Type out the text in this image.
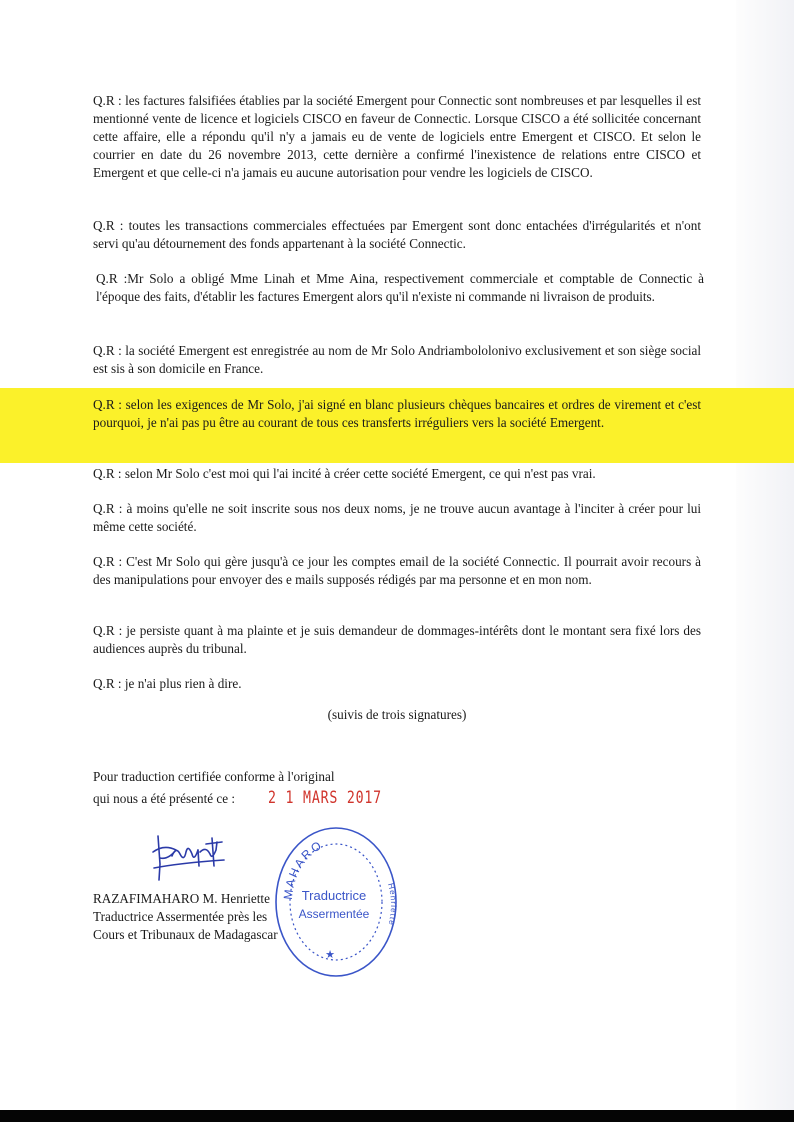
Q.R : les factures falsifiées établies par la société Emergent pour Connectic sont nombreuses et par lesquelles il est mentionné vente de licence et logiciels CISCO en faveur de Connectic. Lorsque CISCO a été sollicitée concernant cette affaire, elle a répondu qu'il n'y a jamais eu de vente de logiciels entre Emergent et CISCO. Et selon le courrier en date du 26 novembre 2013, cette dernière a confirmé l'inexistence de relations entre CISCO et Emergent et que celle-ci n'a jamais eu aucune autorisation pour vendre les logiciels de CISCO.

Q.R : toutes les transactions commerciales effectuées par Emergent sont donc entachées d'irrégularités et n'ont servi qu'au détournement des fonds appartenant à la société Connectic.

Q.R :Mr Solo a obligé Mme Linah et Mme Aina, respectivement commerciale et comptable de Connectic à l'époque des faits, d'établir les factures Emergent alors qu'il n'existe ni commande ni livraison de produits.

Q.R : la société Emergent est enregistrée au nom de Mr Solo Andriambololonivo exclusivement et son siège social est sis à son domicile en France.

Q.R : selon les exigences de Mr Solo, j'ai signé en blanc plusieurs chèques bancaires et ordres de virement et c'est pourquoi, je n'ai pas pu être au courant de tous ces transferts irréguliers vers la société Emergent.

Q.R : selon Mr Solo c'est moi qui l'ai incité à créer cette société Emergent, ce qui n'est pas vrai.

Q.R : à moins qu'elle ne soit inscrite sous nos deux noms, je ne trouve aucun avantage à l'inciter à créer pour lui même cette société.

Q.R : C'est Mr Solo qui gère jusqu'à ce jour les comptes email de la société Connectic. Il pourrait avoir recours à des manipulations pour envoyer des e mails supposés rédigés par ma personne et en mon nom.

Q.R : je persiste quant à ma plainte et je suis demandeur de dommages-intérêts dont le montant sera fixé lors des audiences auprès du tribunal.

Q.R : je n'ai plus rien à dire.

(suivis de trois signatures)

Pour traduction certifiée conforme à l'original
qui nous a été présenté ce : 2 1 MARS 2017
RAZAFIMAHARO M. Henriette
Traductrice Assermentée près les
Cours et Tribunaux de Madagascar
MAHARO
Henriette
Traductrice
Assermentée
★
